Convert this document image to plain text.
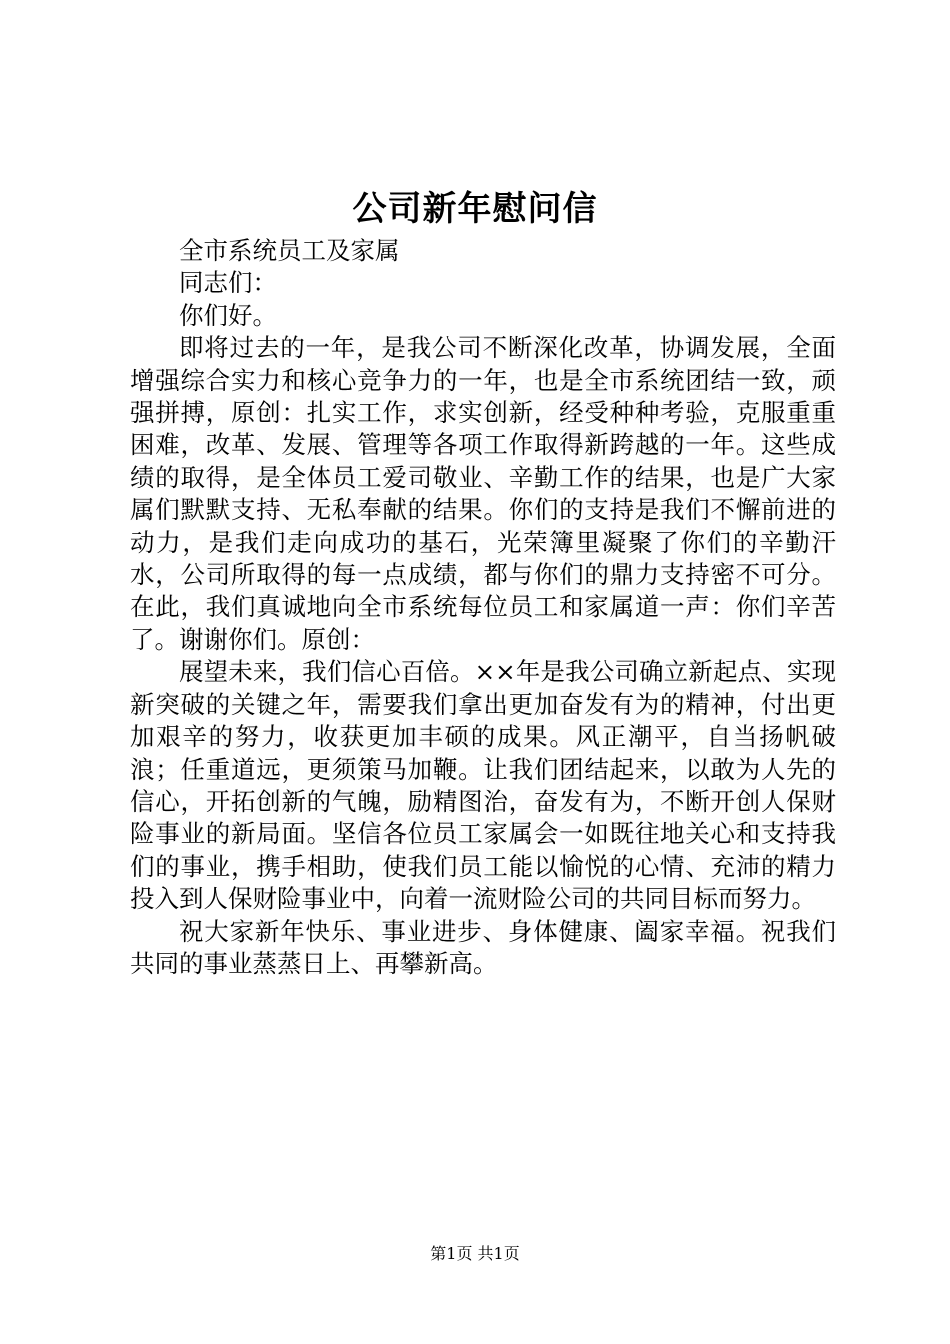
公司新年慰问信

全市系统员工及家属

同志们：

你们好。

即将过去的一年，是我公司不断深化改革，协调发展，全面增强综合实力和核心竞争力的一年，也是全市系统团结一致，顽强拼搏，原创：扎实工作，求实创新，经受种种考验，克服重重困难，改革、发展、管理等各项工作取得新跨越的一年。这些成绩的取得，是全体员工爱司敬业、辛勤工作的结果，也是广大家属们默默支持、无私奉献的结果。你们的支持是我们不懈前进的动力，是我们走向成功的基石，光荣簿里凝聚了你们的辛勤汗水，公司所取得的每一点成绩，都与你们的鼎力支持密不可分。在此，我们真诚地向全市系统每位员工和家属道一声：你们辛苦了。谢谢你们。原创：

展望未来，我们信心百倍。××年是我公司确立新起点、实现新突破的关键之年，需要我们拿出更加奋发有为的精神，付出更加艰辛的努力，收获更加丰硕的成果。风正潮平，自当扬帆破浪；任重道远，更须策马加鞭。让我们团结起来，以敢为人先的信心，开拓创新的气魄，励精图治，奋发有为，不断开创人保财险事业的新局面。坚信各位员工家属会一如既往地关心和支持我们的事业，携手相助，使我们员工能以愉悦的心情、充沛的精力投入到人保财险事业中，向着一流财险公司的共同目标而努力。

祝大家新年快乐、事业进步、身体健康、阖家幸福。祝我们共同的事业蒸蒸日上、再攀新高。

第1页 共1页
